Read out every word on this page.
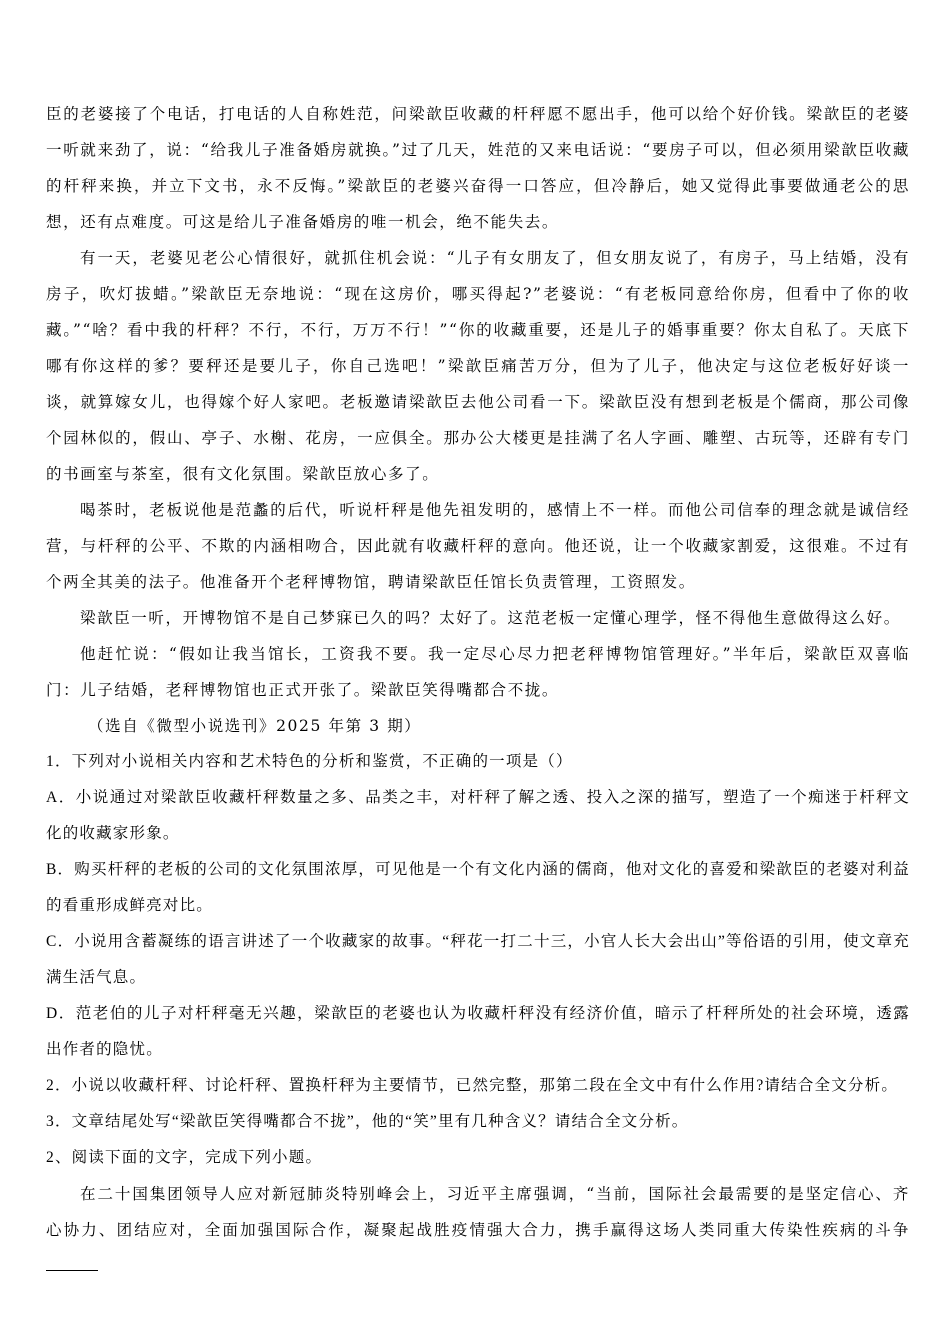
臣的老婆接了个电话，打电话的人自称姓范，问梁歆臣收藏的杆秤愿不愿出手，他可以给个好价钱。梁歆臣的老婆一听就来劲了，说：“给我儿子准备婚房就换。”过了几天，姓范的又来电话说：“要房子可以，但必须用梁歆臣收藏的杆秤来换，并立下文书，永不反悔。”梁歆臣的老婆兴奋得一口答应，但冷静后，她又觉得此事要做通老公的思想，还有点难度。可这是给儿子准备婚房的唯一机会，绝不能失去。

有一天，老婆见老公心情很好，就抓住机会说：“儿子有女朋友了，但女朋友说了，有房子，马上结婚，没有房子，吹灯拔蜡。”梁歆臣无奈地说：“现在这房价，哪买得起?”老婆说：“有老板同意给你房，但看中了你的收藏。”“啥？看中我的杆秤？不行，不行，万万不行！”“你的收藏重要，还是儿子的婚事重要？你太自私了。天底下哪有你这样的爹？要秤还是要儿子，你自己选吧！”梁歆臣痛苦万分，但为了儿子，他决定与这位老板好好谈一谈，就算嫁女儿，也得嫁个好人家吧。老板邀请梁歆臣去他公司看一下。梁歆臣没有想到老板是个儒商，那公司像个园林似的，假山、亭子、水榭、花房，一应俱全。那办公大楼更是挂满了名人字画、雕塑、古玩等，还辟有专门的书画室与茶室，很有文化氛围。梁歆臣放心多了。

喝茶时，老板说他是范蠡的后代，听说杆秤是他先祖发明的，感情上不一样。而他公司信奉的理念就是诚信经营，与杆秤的公平、不欺的内涵相吻合，因此就有收藏杆秤的意向。他还说，让一个收藏家割爱，这很难。不过有个两全其美的法子。他准备开个老秤博物馆，聘请梁歆臣任馆长负责管理，工资照发。

梁歆臣一听，开博物馆不是自己梦寐已久的吗？太好了。这范老板一定懂心理学，怪不得他生意做得这么好。

他赶忙说：“假如让我当馆长，工资我不要。我一定尽心尽力把老秤博物馆管理好。”半年后，梁歆臣双喜临门：儿子结婚，老秤博物馆也正式开张了。梁歆臣笑得嘴都合不拢。

（选自《微型小说选刊》2025 年第 3 期）

1．下列对小说相关内容和艺术特色的分析和鉴赏，不正确的一项是（）

A．小说通过对梁歆臣收藏杆秤数量之多、品类之丰，对杆秤了解之透、投入之深的描写，塑造了一个痴迷于杆秤文化的收藏家形象。

B．购买杆秤的老板的公司的文化氛围浓厚，可见他是一个有文化内涵的儒商，他对文化的喜爱和梁歆臣的老婆对利益的看重形成鲜亮对比。

C．小说用含蓄凝练的语言讲述了一个收藏家的故事。“秤花一打二十三，小官人长大会出山”等俗语的引用，使文章充满生活气息。

D．范老伯的儿子对杆秤毫无兴趣，梁歆臣的老婆也认为收藏杆秤没有经济价值，暗示了杆秤所处的社会环境，透露出作者的隐忧。

2．小说以收藏杆秤、讨论杆秤、置换杆秤为主要情节，已然完整，那第二段在全文中有什么作用?请结合全文分析。

3．文章结尾处写“梁歆臣笑得嘴都合不拢”，他的“笑”里有几种含义？请结合全文分析。

2、阅读下面的文字，完成下列小题。

在二十国集团领导人应对新冠肺炎特别峰会上，习近平主席强调，“当前，国际社会最需要的是坚定信心、齐心协力、团结应对，全面加强国际合作，凝聚起战胜疫情强大合力，携手赢得这场人类同重大传染性疾病的斗争
